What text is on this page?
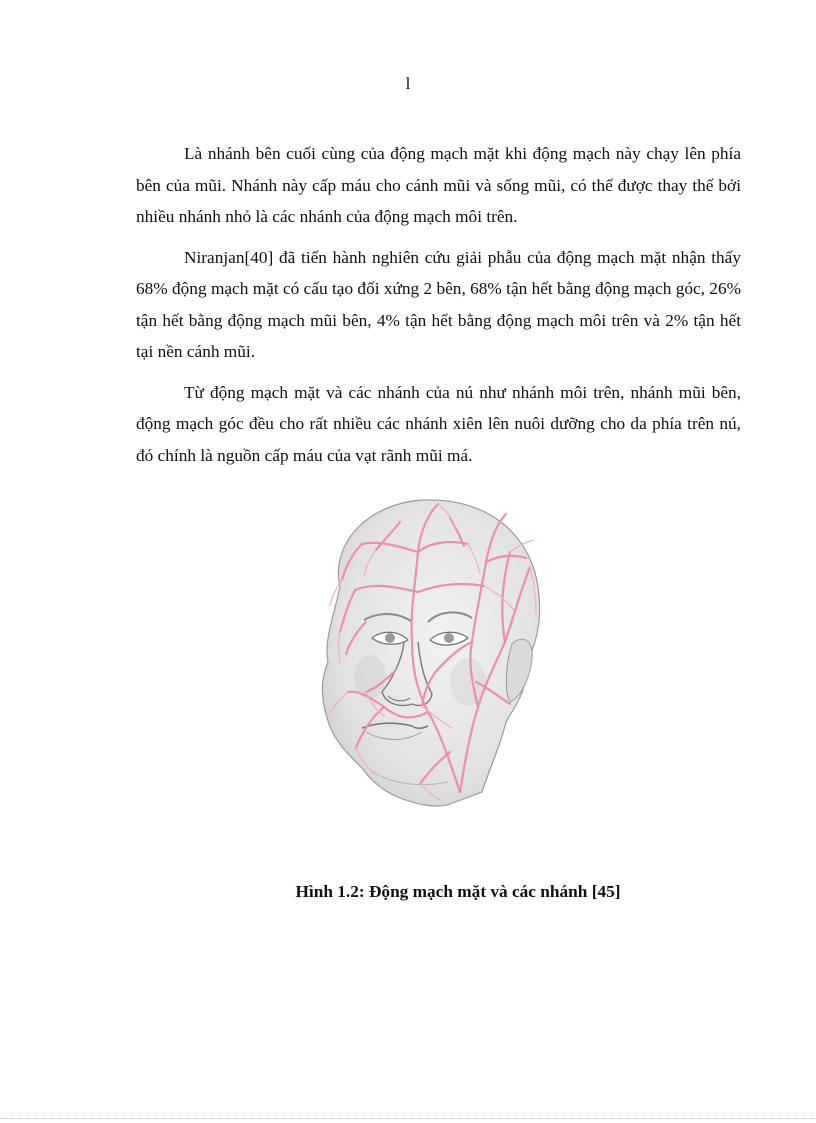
l

Là nhánh bên cuối cùng của động mạch mặt khi động mạch này chạy lên phía bên của mũi. Nhánh này cấp máu cho cánh mũi và sống mũi, có thể được thay thế bởi nhiều nhánh nhỏ là các nhánh của động mạch môi trên.

Niranjan[40] đã tiến hành nghiên cứu giải phẫu của động mạch mặt nhận thấy 68% động mạch mặt có cấu tạo đối xứng 2 bên, 68% tận hết bằng động mạch góc, 26% tận hết bằng động mạch mũi bên, 4% tận hết bằng động mạch môi trên và 2% tận hết tại nền cánh mũi.

Từ động mạch mặt và các nhánh của nú như nhánh môi trên, nhánh mũi bên, động mạch góc đều cho rất nhiều các nhánh xiên lên nuôi dưỡng cho da phía trên nú, đó chính là nguồn cấp máu của vạt rãnh mũi má.

Hình 1.2: Động mạch mặt và các nhánh [45]
